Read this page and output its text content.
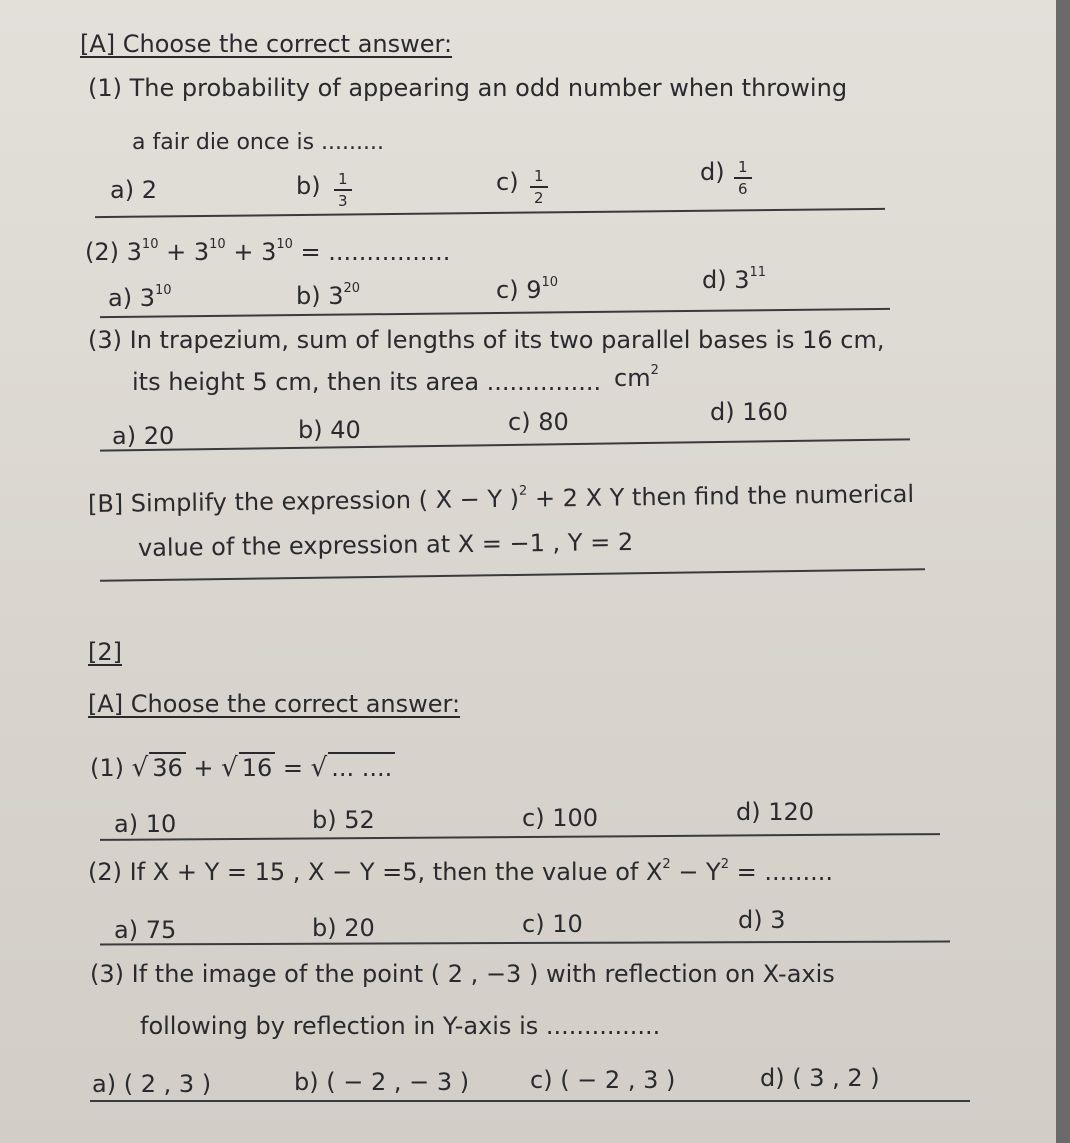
[A] Choose the correct answer:
(1) The probability of appearing an odd number when throwing
a fair die once is .........
a) 2	$b) \frac{1}{3}$	$c) \frac{1}{2}$	$d) \frac{1}{6}$
(2) $3^{10} + 3^{10} + 3^{10}$ = ................
a) $3^{10}$	b) $3^{20}$	c) $9^{10}$	d) $3^{11}$
(3) In trapezium, sum of lengths of its two parallel bases is 16 cm,
its height 5 cm, then its area ............... $cm^2$
a) 20	b) 40	c) 80	d) 160
[B] Simplify the expression ( X − Y )$^2$ + 2 X Y then find the numerical
value of the expression at X = −1 , Y = 2
[2]
[A] Choose the correct answer:
(1) √ 36 + √ 16 = √ ... ....
a) 10	b) 52	c) 100	d) 120
(2) If X + Y = 15 , X − Y =5, then the value of $X^2 - Y^2$ = .........
a) 75	b) 20	c) 10	d) 3
(3) If the image of the point ( 2 , −3 ) with reflection on X-axis
following by reflection in Y-axis is ...............
a) ( 2 , 3 )	b) ( − 2 , − 3 )	c) ( − 2 , 3 )	d) ( 3 , 2 )
